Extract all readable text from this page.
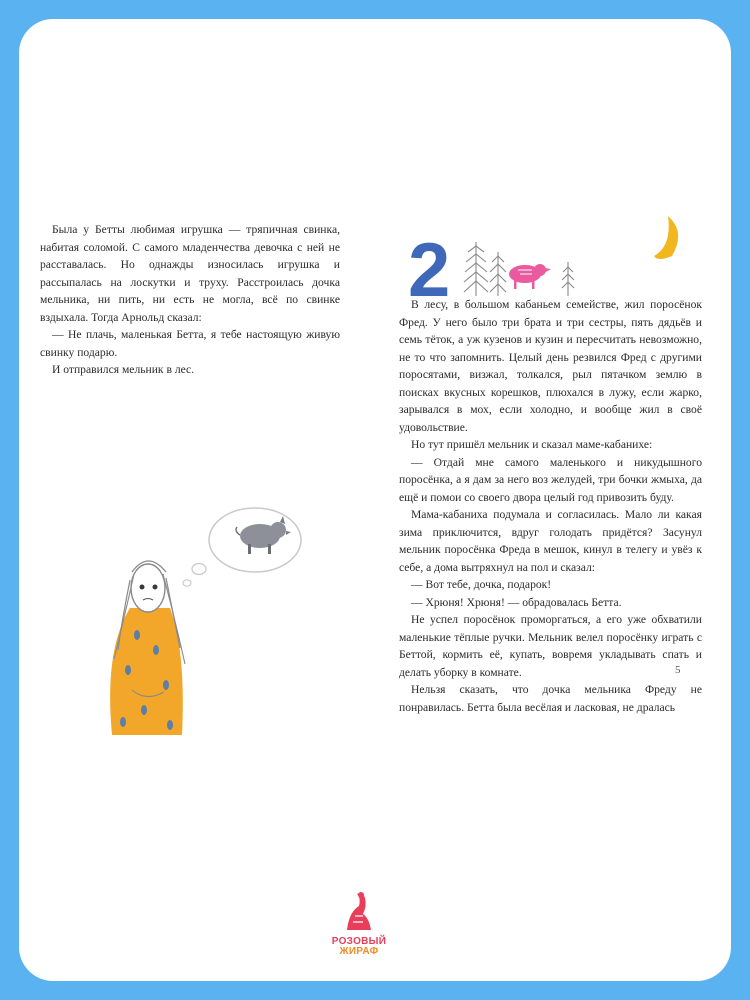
Была у Бетты любимая игрушка — тряпичная свинка, набитая соломой. С самого младенчества девочка с ней не расставалась. Но однажды износилась игрушка и рассыпалась на лоскутки и труху. Расстроилась дочка мельника, ни пить, ни есть не могла, всё по свинке вздыхала. Тогда Арнольд сказал:

— Не плачь, маленькая Бетта, я тебе настоящую живую свинку подарю.

И отправился мельник в лес.

2

В лесу, в большом кабаньем семействе, жил поросёнок Фред. У него было три брата и три сестры, пять дядьёв и семь тёток, а уж кузенов и кузин и пересчитать невозможно, не то что запомнить. Целый день резвился Фред с другими поросятами, визжал, толкался, рыл пятачком землю в поисках вкусных корешков, плюхался в лужу, если жарко, зарывался в мох, если холодно, и вообще жил в своё удовольствие.

Но тут пришёл мельник и сказал маме-кабанихе:

— Отдай мне самого маленького и никудышного поросёнка, а я дам за него воз желудей, три бочки жмыха, да ещё и помои со своего двора целый год привозить буду.

Мама-кабаниха подумала и согласилась. Мало ли какая зима приключится, вдруг голодать придётся? Засунул мельник поросёнка Фреда в мешок, кинул в телегу и увёз к себе, а дома вытряхнул на пол и сказал:

— Вот тебе, дочка, подарок!

— Хрюня! Хрюня! — обрадовалась Бетта.

Не успел поросёнок проморгаться, а его уже обхватили маленькие тёплые ручки. Мельник велел поросёнку играть с Беттой, кормить её, купать, вовремя укладывать спать и делать уборку в комнате.

Нельзя сказать, что дочка мельника Фреду не понравилась. Бетта была весёлая и ласковая, не дралась

5
РОЗОВЫЙ
ЖИРАФ
